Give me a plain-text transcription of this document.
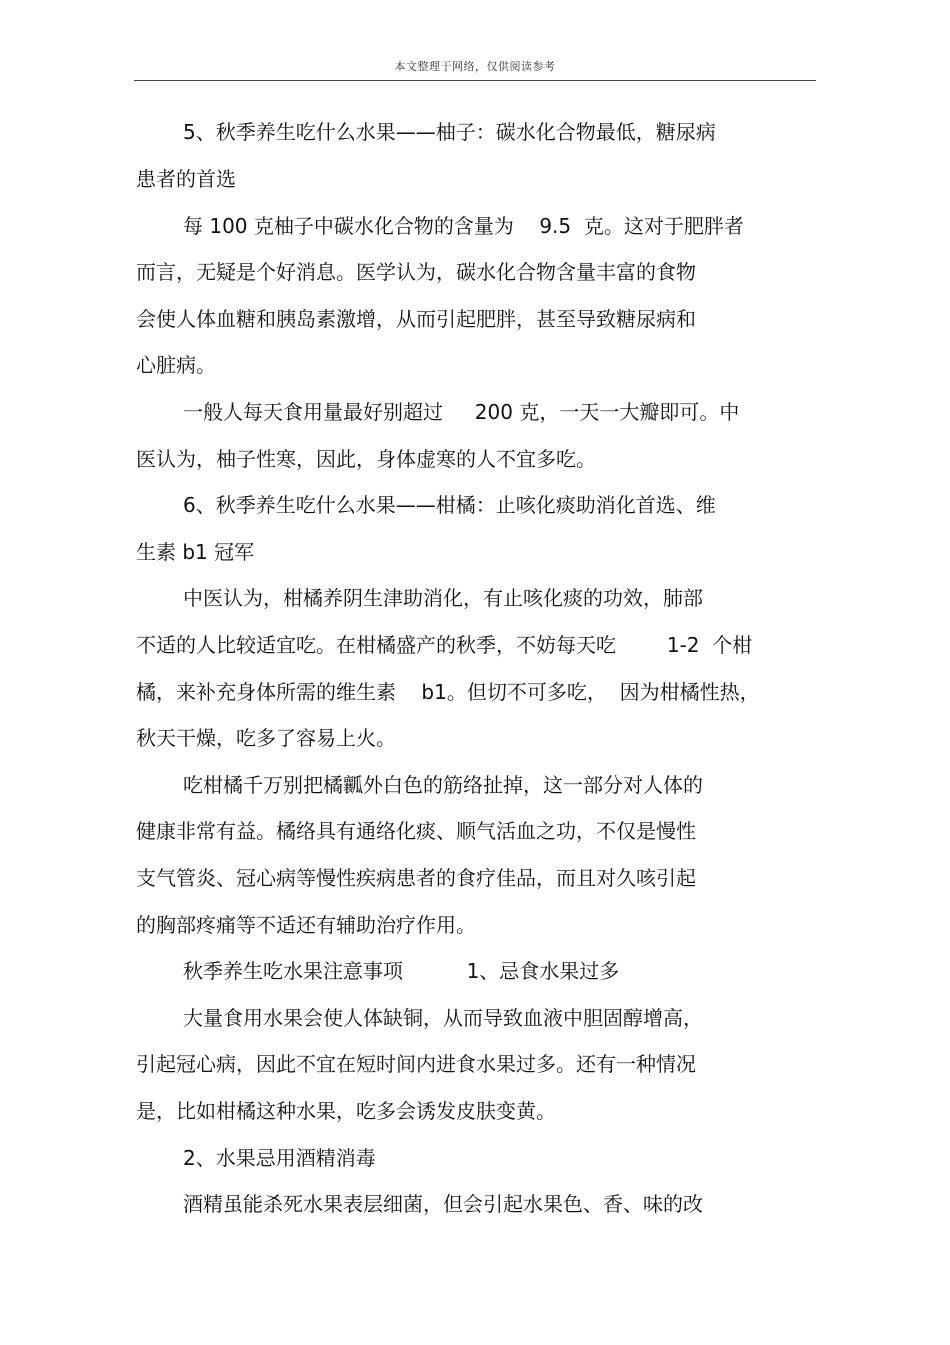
本文整理于网络，仅供阅读参考
5、秋季养生吃什么水果——柚子：碳水化合物最低，糖尿病
患者的首选
每 100 克柚子中碳水化合物的含量为    9.5  克。这对于肥胖者
而言，无疑是个好消息。医学认为，碳水化合物含量丰富的食物
会使人体血糖和胰岛素激增，从而引起肥胖，甚至导致糖尿病和
心脏病。
一般人每天食用量最好别超过     200 克，一天一大瓣即可。中
医认为，柚子性寒，因此，身体虚寒的人不宜多吃。
6、秋季养生吃什么水果——柑橘：止咳化痰助消化首选、维
生素 b1 冠军
中医认为，柑橘养阴生津助消化，有止咳化痰的功效，肺部
不适的人比较适宜吃。在柑橘盛产的秋季，不妨每天吃        1-2  个柑
橘，来补充身体所需的维生素    b1。但切不可多吃，  因为柑橘性热，
秋天干燥，吃多了容易上火。
吃柑橘千万别把橘瓤外白色的筋络扯掉，这一部分对人体的
健康非常有益。橘络具有通络化痰、顺气活血之功，不仅是慢性
支气管炎、冠心病等慢性疾病患者的食疗佳品，而且对久咳引起
的胸部疼痛等不适还有辅助治疗作用。
秋季养生吃水果注意事项          1、忌食水果过多
大量食用水果会使人体缺铜，从而导致血液中胆固醇增高，
引起冠心病，因此不宜在短时间内进食水果过多。还有一种情况
是，比如柑橘这种水果，吃多会诱发皮肤变黄。
2、水果忌用酒精消毒
酒精虽能杀死水果表层细菌，但会引起水果色、香、味的改
